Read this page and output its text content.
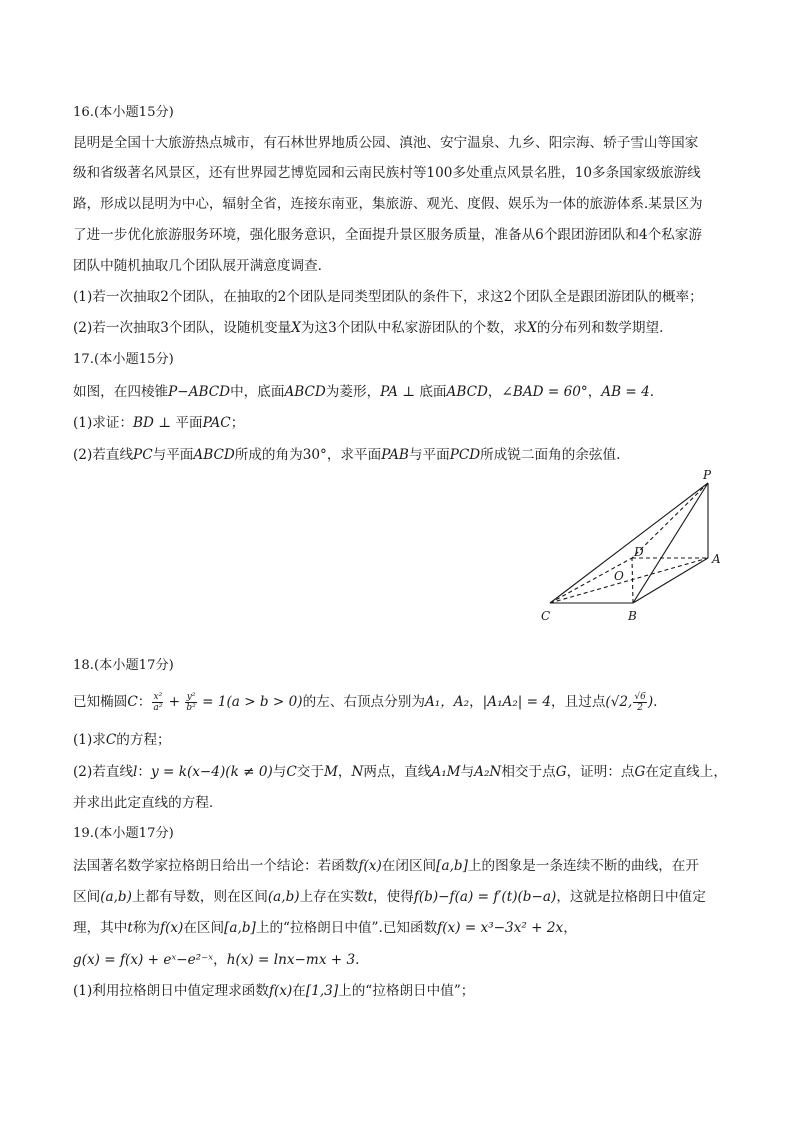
16.(本小题15分)
昆明是全国十大旅游热点城市，有石林世界地质公园、滇池、安宁温泉、九乡、阳宗海、轿子雪山等国家
级和省级著名风景区，还有世界园艺博览园和云南民族村等100多处重点风景名胜，10多条国家级旅游线
路，形成以昆明为中心，辐射全省，连接东南亚，集旅游、观光、度假、娱乐为一体的旅游体系.某景区为
了进一步优化旅游服务环境，强化服务意识，全面提升景区服务质量，准备从6个跟团游团队和4个私家游
团队中随机抽取几个团队展开满意度调查.
(1)若一次抽取2个团队，在抽取的2个团队是同类型团队的条件下，求这2个团队全是跟团游团队的概率；
(2)若一次抽取3个团队，设随机变量X为这3个团队中私家游团队的个数，求X的分布列和数学期望.
17.(本小题15分)
如图，在四棱锥P−ABCD中，底面ABCD为菱形，PA ⊥ 底面ABCD，∠BAD = 60°，AB = 4.
(1)求证：BD ⊥ 平面PAC；
(2)若直线PC与平面ABCD所成的角为30°，求平面PAB与平面PCD所成锐二面角的余弦值.
P
A
B
C
D
O
18.(本小题17分)
已知椭圆C： $\frac{\text{x²}}{\text{a²}} + \frac{\text{y²}}{\text{b²}} = 1(a > b > 0)$的左、右顶点分别为A₁，A₂，|A₁A₂| = 4，且过点(√2, $\frac{√6}{2}$ ).
(1)求C的方程；
(2)若直线l：y = k(x−4)(k ≠ 0)与C交于M，N两点，直线A₁M与A₂N相交于点G，证明：点G在定直线上，
并求出此定直线的方程.
19.(本小题17分)
法国著名数学家拉格朗日给出一个结论：若函数f(x)在闭区间[a,b]上的图象是一条连续不断的曲线，在开
区间(a,b)上都有导数，则在区间(a,b)上存在实数t，使得f(b)−f(a) = f′(t)(b−a)，这就是拉格朗日中值定
理，其中t称为f(x)在区间[a,b]上的“拉格朗日中值”.已知函数f(x) = x³−3x² + 2x，
g(x) = f(x) + eˣ−e²⁻ˣ，h(x) = lnx−mx + 3.
(1)利用拉格朗日中值定理求函数f(x)在[1,3]上的“拉格朗日中值”；
